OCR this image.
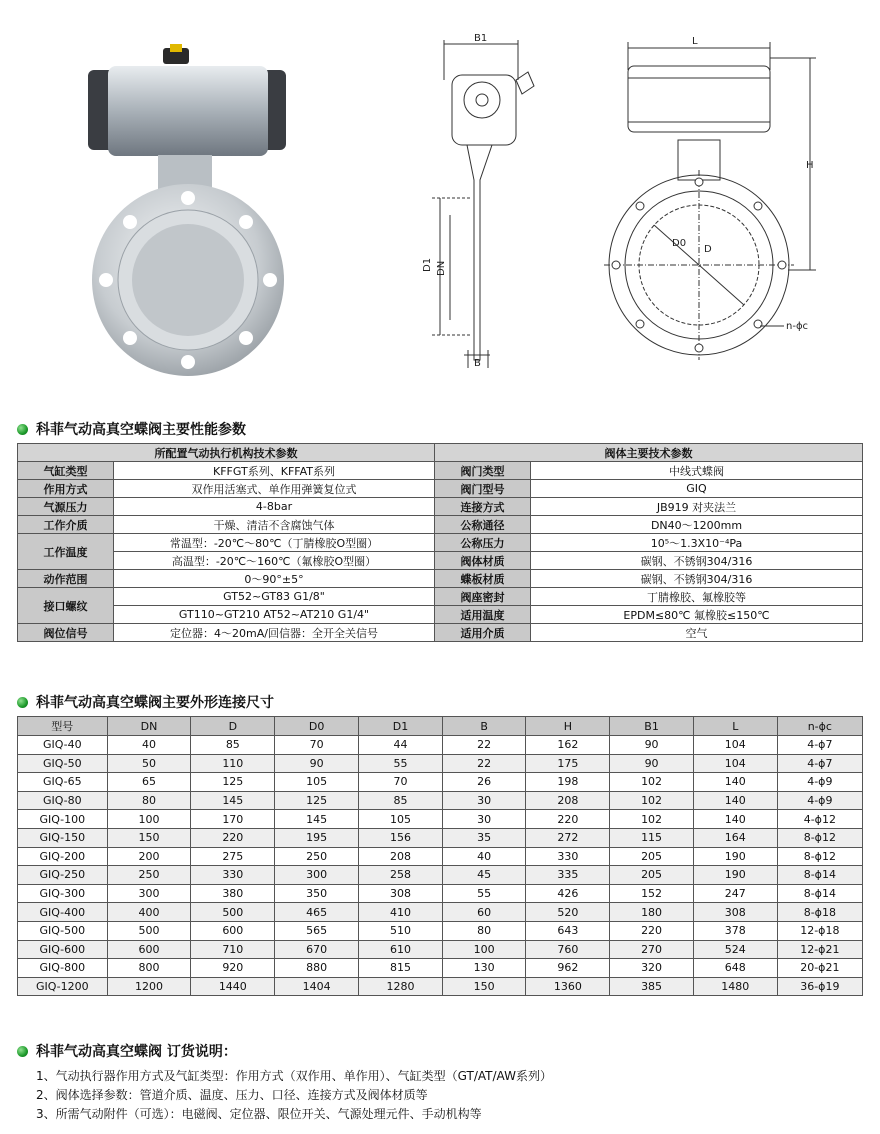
B1
D1 DN
B
L
D0
D
H
n-ϕc
科菲气动高真空蝶阀主要性能参数
所配置气动执行机构技术参数		阀体主要技术参数	
气缸类型	KFFGT系列、KFFAT系列	阀门类型	中线式蝶阀
作用方式	双作用活塞式、单作用弹簧复位式	阀门型号	GIQ
气源压力	4-8bar	连接方式	JB919 对夹法兰
工作介质	干燥、清洁不含腐蚀气体	公称通径	DN40～1200mm
工作温度	常温型：-20℃～80℃（丁腈橡胶O型圈）	公称压力	10⁵～1.3X10⁻⁴Pa
	高温型：-20℃～160℃（氟橡胶O型圈）	阀体材质	碳钢、不锈钢304/316
动作范围	0～90°±5°	蝶板材质	碳钢、不锈钢304/316
接口螺纹	GT52~GT83 G1/8"	阀座密封	丁腈橡胶、氟橡胶等
	GT110~GT210 AT52~AT210 G1/4"	适用温度	EPDM≤80℃ 氟橡胶≤150℃
阀位信号	定位器：4～20mA/回信器：全开全关信号	适用介质	空气
科菲气动高真空蝶阀主要外形连接尺寸
型号	DN	D	D0	D1	B	H	B1	L	n-ϕc
GIQ-40	40	85	70	44	22	162	90	104	4-ϕ7
GIQ-50	50	110	90	55	22	175	90	104	4-ϕ7
GIQ-65	65	125	105	70	26	198	102	140	4-ϕ9
GIQ-80	80	145	125	85	30	208	102	140	4-ϕ9
GIQ-100	100	170	145	105	30	220	102	140	4-ϕ12
GIQ-150	150	220	195	156	35	272	115	164	8-ϕ12
GIQ-200	200	275	250	208	40	330	205	190	8-ϕ12
GIQ-250	250	330	300	258	45	335	205	190	8-ϕ14
GIQ-300	300	380	350	308	55	426	152	247	8-ϕ14
GIQ-400	400	500	465	410	60	520	180	308	8-ϕ18
GIQ-500	500	600	565	510	80	643	220	378	12-ϕ18
GIQ-600	600	710	670	610	100	760	270	524	12-ϕ21
GIQ-800	800	920	880	815	130	962	320	648	20-ϕ21
GIQ-1200	1200	1440	1404	1280	150	1360	385	1480	36-ϕ19
科菲气动高真空蝶阀 订货说明：
1、气动执行器作用方式及气缸类型：作用方式（双作用、单作用）、气缸类型（GT/AT/AW系列）
2、阀体选择参数：管道介质、温度、压力、口径、连接方式及阀体材质等
3、所需气动附件（可选）：电磁阀、定位器、限位开关、气源处理元件、手动机构等
